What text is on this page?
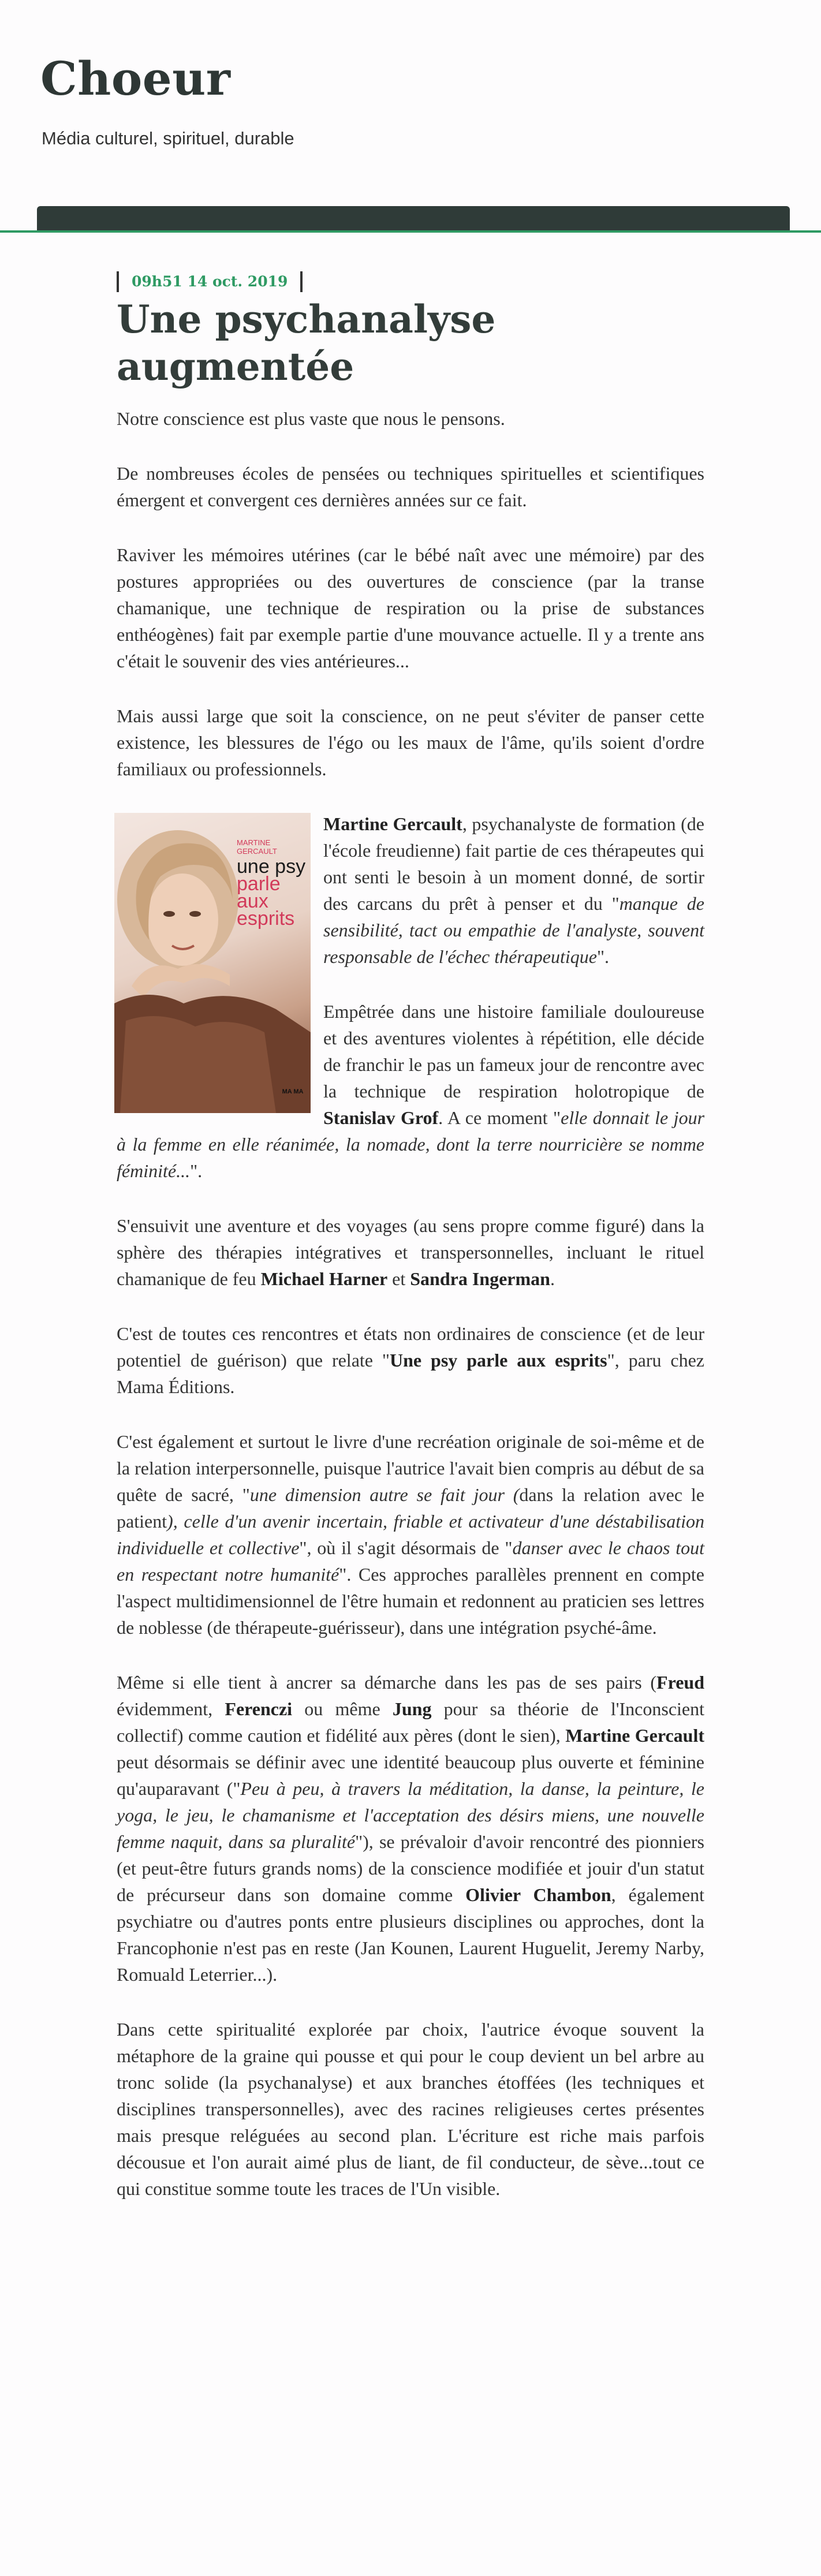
Choeur
Média culturel, spirituel, durable
09h51 14 oct. 2019
Une psychanalyse augmentée

Notre conscience est plus vaste que nous le pensons.

De nombreuses écoles de pensées ou techniques spirituelles et scientifiques émergent et convergent ces dernières années sur ce fait.

Raviver les mémoires utérines (car le bébé naît avec une mémoire) par des postures appropriées ou des ouvertures de conscience (par la transe chamanique, une technique de respiration ou la prise de substances enthéogènes) fait par exemple partie d'une mouvance actuelle. Il y a trente ans c'était le souvenir des vies antérieures...

Mais aussi large que soit la conscience, on ne peut s'éviter de panser cette existence, les blessures de l'égo ou les maux de l'âme, qu'ils soient d'ordre familiaux ou professionnels.

MARTINE GERCAULT
une psy
parle aux esprits
MA MA

Martine Gercault, psychanalyste de formation (de l'école freudienne) fait partie de ces thérapeutes qui ont senti le besoin à un moment donné, de sortir des carcans du prêt à penser et du "manque de sensibilité, tact ou empathie de l'analyste, souvent responsable de l'échec thérapeutique".

Empêtrée dans une histoire familiale douloureuse et des aventures violentes à répétition, elle décide de franchir le pas un fameux jour de rencontre avec la technique de respiration holotropique de Stanislav Grof. A ce moment "elle donnait le jour à la femme en elle réanimée, la nomade, dont la terre nourricière se nomme féminité...".

S'ensuivit une aventure et des voyages (au sens propre comme figuré) dans la sphère des thérapies intégratives et transpersonnelles, incluant le rituel chamanique de feu Michael Harner et Sandra Ingerman.

C'est de toutes ces rencontres et états non ordinaires de conscience (et de leur potentiel de guérison) que relate "Une psy parle aux esprits", paru chez Mama Éditions.

C'est également et surtout le livre d'une recréation originale de soi-même et de la relation interpersonnelle, puisque l'autrice l'avait bien compris au début de sa quête de sacré, "une dimension autre se fait jour (dans la relation avec le patient), celle d'un avenir incertain, friable et activateur d'une déstabilisation individuelle et collective", où il s'agit désormais de "danser avec le chaos tout en respectant notre humanité". Ces approches parallèles prennent en compte l'aspect multidimensionnel de l'être humain et redonnent au praticien ses lettres de noblesse (de thérapeute-guérisseur), dans une intégration psyché-âme.

Même si elle tient à ancrer sa démarche dans les pas de ses pairs (Freud évidemment, Ferenczi ou même Jung pour sa théorie de l'Inconscient collectif) comme caution et fidélité aux pères (dont le sien), Martine Gercault peut désormais se définir avec une identité beaucoup plus ouverte et féminine qu'auparavant ("Peu à peu, à travers la méditation, la danse, la peinture, le yoga, le jeu, le chamanisme et l'acceptation des désirs miens, une nouvelle femme naquit, dans sa pluralité"), se prévaloir d'avoir rencontré des pionniers (et peut-être futurs grands noms) de la conscience modifiée et jouir d'un statut de précurseur dans son domaine comme Olivier Chambon, également psychiatre ou d'autres ponts entre plusieurs disciplines ou approches, dont la Francophonie n'est pas en reste (Jan Kounen, Laurent Huguelit, Jeremy Narby, Romuald Leterrier...).

Dans cette spiritualité explorée par choix, l'autrice évoque souvent la métaphore de la graine qui pousse et qui pour le coup devient un bel arbre au tronc solide (la psychanalyse) et aux branches étoffées (les techniques et disciplines transpersonnelles), avec des racines religieuses certes présentes mais presque reléguées au second plan. L'écriture est riche mais parfois décousue et l'on aurait aimé plus de liant, de fil conducteur, de sève...tout ce qui constitue somme toute les traces de l'Un visible.
